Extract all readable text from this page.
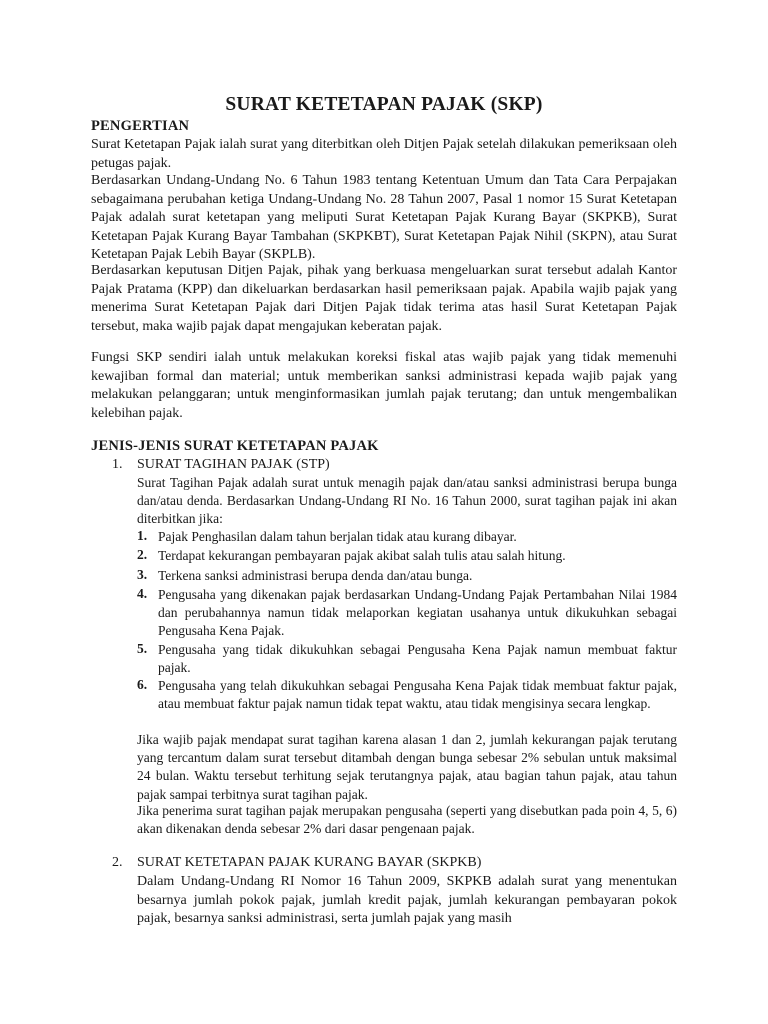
SURAT KETETAPAN PAJAK (SKP)
PENGERTIAN
Surat Ketetapan Pajak ialah surat yang diterbitkan oleh Ditjen Pajak setelah dilakukan pemeriksaan oleh petugas pajak.
Berdasarkan Undang-Undang No. 6 Tahun 1983 tentang Ketentuan Umum dan Tata Cara Perpajakan sebagaimana perubahan ketiga Undang-Undang No. 28 Tahun 2007, Pasal 1 nomor 15 Surat Ketetapan Pajak adalah surat ketetapan yang meliputi Surat Ketetapan Pajak Kurang Bayar (SKPKB), Surat Ketetapan Pajak Kurang Bayar Tambahan (SKPKBT), Surat Ketetapan Pajak Nihil (SKPN), atau Surat Ketetapan Pajak Lebih Bayar (SKPLB).
Berdasarkan keputusan Ditjen Pajak, pihak yang berkuasa mengeluarkan surat tersebut adalah Kantor Pajak Pratama (KPP) dan dikeluarkan berdasarkan hasil pemeriksaan pajak. Apabila wajib pajak yang menerima Surat Ketetapan Pajak dari Ditjen Pajak tidak terima atas hasil Surat Ketetapan Pajak tersebut, maka wajib pajak dapat mengajukan keberatan pajak.
Fungsi SKP sendiri ialah untuk melakukan koreksi fiskal atas wajib pajak yang tidak memenuhi kewajiban formal dan material; untuk memberikan sanksi administrasi kepada wajib pajak yang melakukan pelanggaran; untuk menginformasikan jumlah pajak terutang; dan untuk mengembalikan kelebihan pajak.
JENIS-JENIS SURAT KETETAPAN PAJAK
1. SURAT TAGIHAN PAJAK (STP)
Surat Tagihan Pajak adalah surat untuk menagih pajak dan/atau sanksi administrasi berupa bunga dan/atau denda. Berdasarkan Undang-Undang RI No. 16 Tahun 2000, surat tagihan pajak ini akan diterbitkan jika:
1. Pajak Penghasilan dalam tahun berjalan tidak atau kurang dibayar.
2. Terdapat kekurangan pembayaran pajak akibat salah tulis atau salah hitung.
3. Terkena sanksi administrasi berupa denda dan/atau bunga.
4. Pengusaha yang dikenakan pajak berdasarkan Undang-Undang Pajak Pertambahan Nilai 1984 dan perubahannya namun tidak melaporkan kegiatan usahanya untuk dikukuhkan sebagai Pengusaha Kena Pajak.
5. Pengusaha yang tidak dikukuhkan sebagai Pengusaha Kena Pajak namun membuat faktur pajak.
6. Pengusaha yang telah dikukuhkan sebagai Pengusaha Kena Pajak tidak membuat faktur pajak, atau membuat faktur pajak namun tidak tepat waktu, atau tidak mengisinya secara lengkap.
Jika wajib pajak mendapat surat tagihan karena alasan 1 dan 2, jumlah kekurangan pajak terutang yang tercantum dalam surat tersebut ditambah dengan bunga sebesar 2% sebulan untuk maksimal 24 bulan. Waktu tersebut terhitung sejak terutangnya pajak, atau bagian tahun pajak, atau tahun pajak sampai terbitnya surat tagihan pajak.
Jika penerima surat tagihan pajak merupakan pengusaha (seperti yang disebutkan pada poin 4, 5, 6) akan dikenakan denda sebesar 2% dari dasar pengenaan pajak.
2. SURAT KETETAPAN PAJAK KURANG BAYAR (SKPKB)
Dalam Undang-Undang RI Nomor 16 Tahun 2009, SKPKB adalah surat yang menentukan besarnya jumlah pokok pajak, jumlah kredit pajak, jumlah kekurangan pembayaran pokok pajak, besarnya sanksi administrasi, serta jumlah pajak yang masih
